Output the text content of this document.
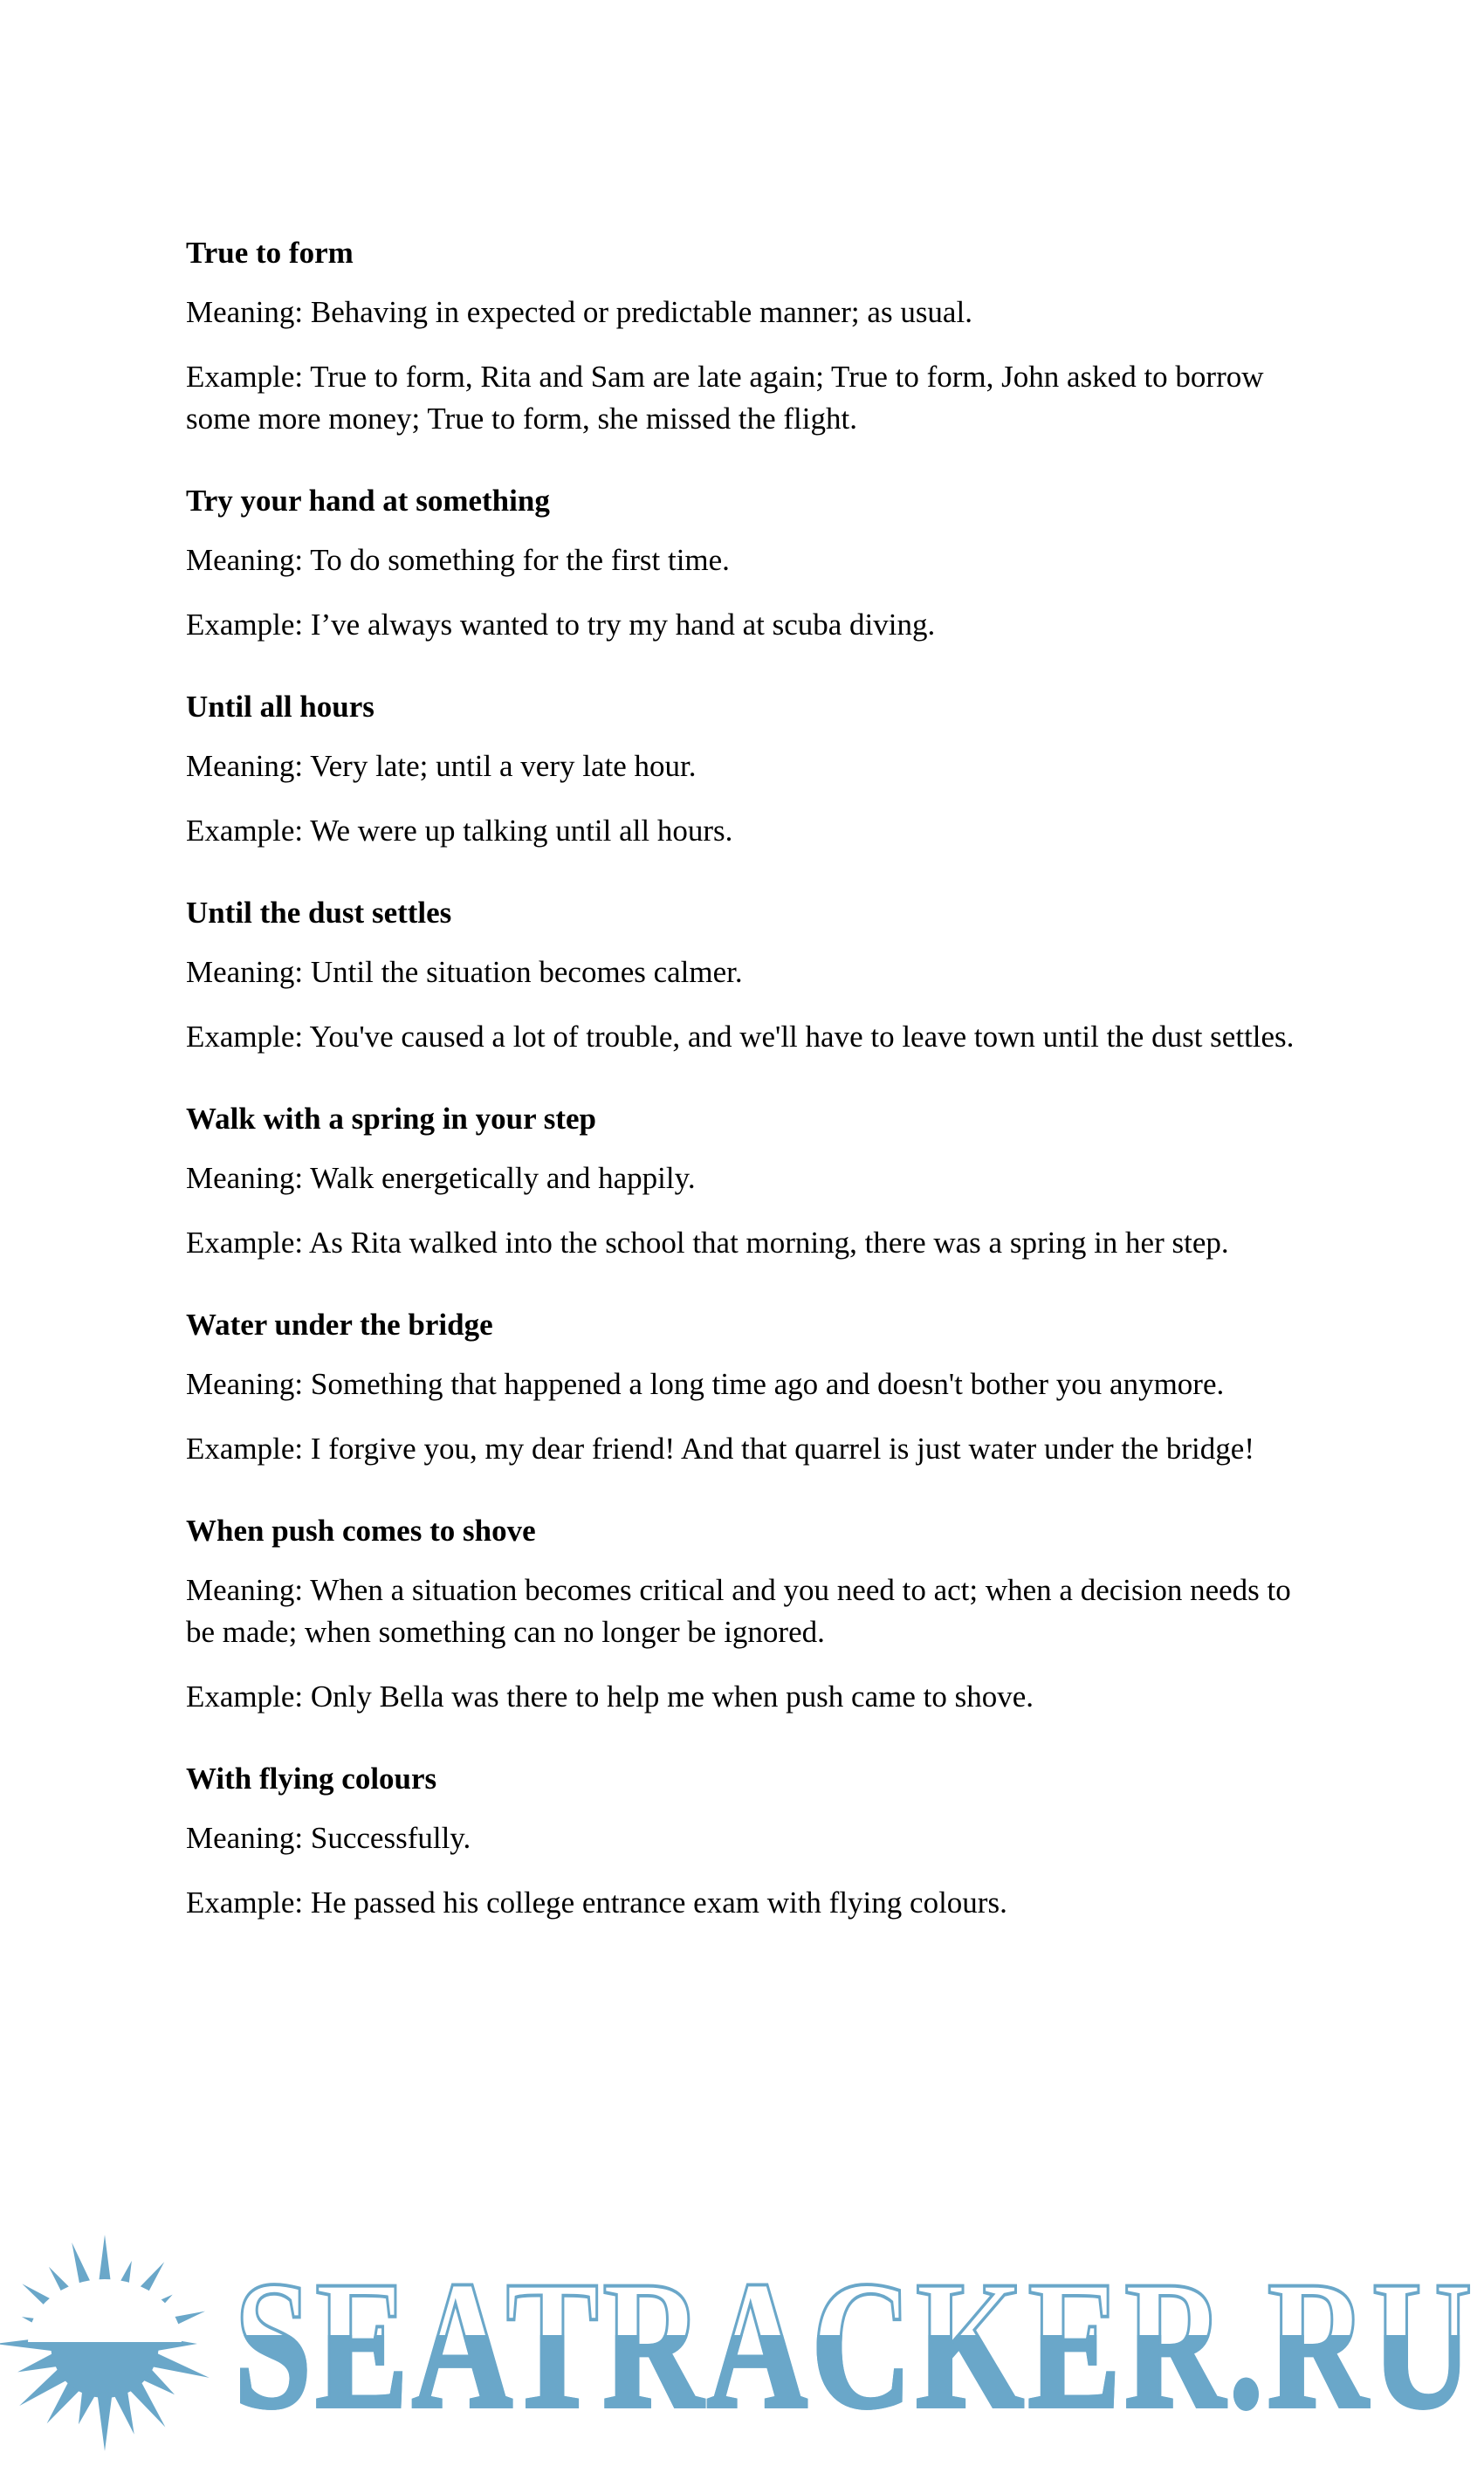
True to form

Meaning: Behaving in expected or predictable manner; as usual.

Example: True to form, Rita and Sam are late again; True to form, John asked to borrow some more money; True to form, she missed the flight.

Try your hand at something

Meaning: To do something for the first time.

Example: I’ve always wanted to try my hand at scuba diving.

Until all hours

Meaning: Very late; until a very late hour.

Example: We were up talking until all hours.

Until the dust settles

Meaning: Until the situation becomes calmer.

Example: You've caused a lot of trouble, and we'll have to leave town until the dust settles.

Walk with a spring in your step

Meaning: Walk energetically and happily.

Example: As Rita walked into the school that morning, there was a spring in her step.

Water under the bridge

Meaning: Something that happened a long time ago and doesn't bother you anymore.

Example: I forgive you, my dear friend! And that quarrel is just water under the bridge!

When push comes to shove

Meaning: When a situation becomes critical and you need to act; when a decision needs to be made; when something can no longer be ignored.

Example: Only Bella was there to help me when push came to shove.

With flying colours

Meaning: Successfully.

Example: He passed his college entrance exam with flying colours.

SEATRACKER.RU
